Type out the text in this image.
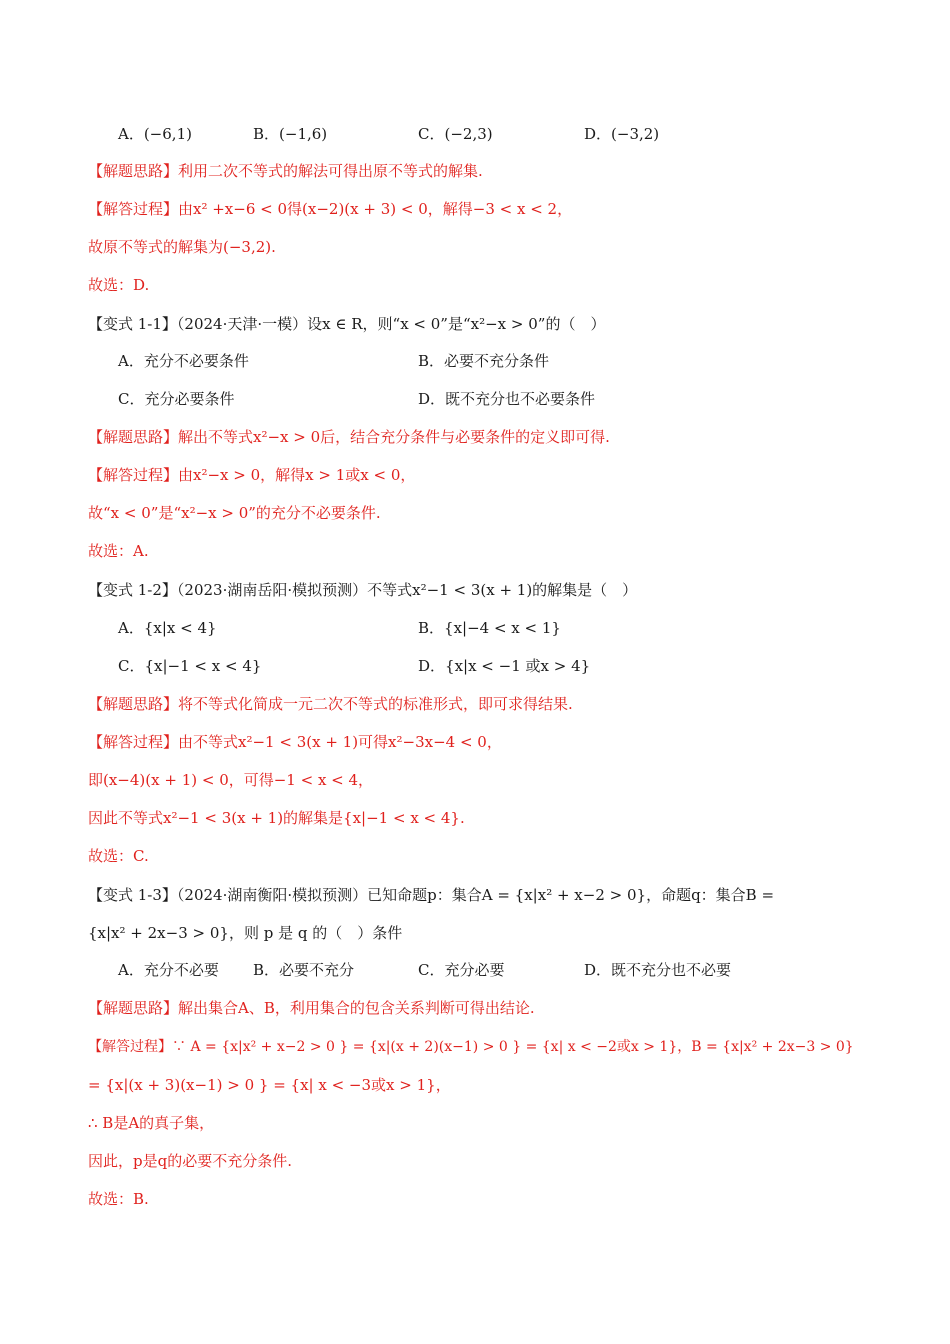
A．(−6,1)	B．(−1,6)	C．(−2,3)	D．(−3,2)
【解题思路】利用二次不等式的解法可得出原不等式的解集.
【解答过程】由x² +x−6 < 0得(x−2)(x + 3) < 0，解得−3 < x < 2，
故原不等式的解集为(−3,2).
故选：D.
【变式 1-1】（2024·天津·一模）设x ∈ R，则“x < 0”是“x²−x > 0”的（　）
A．充分不必要条件	B．必要不充分条件
C．充分必要条件	D．既不充分也不必要条件
【解题思路】解出不等式x²−x > 0后，结合充分条件与必要条件的定义即可得.
【解答过程】由x²−x > 0，解得x > 1或x < 0，
故“x < 0”是“x²−x > 0”的充分不必要条件.
故选：A.
【变式 1-2】（2023·湖南岳阳·模拟预测）不等式x²−1 < 3(x + 1)的解集是（　）
A．{x|x < 4}	B．{x|−4 < x < 1}
C．{x|−1 < x < 4}	D．{x|x < −1 或x > 4}
【解题思路】将不等式化简成一元二次不等式的标准形式，即可求得结果.
【解答过程】由不等式x²−1 < 3(x + 1)可得x²−3x−4 < 0，
即(x−4)(x + 1) < 0，可得−1 < x < 4，
因此不等式x²−1 < 3(x + 1)的解集是{x|−1 < x < 4}.
故选：C.
【变式 1-3】（2024·湖南衡阳·模拟预测）已知命题p：集合A = {x|x² + x−2 > 0}，命题q：集合B =
{x|x² + 2x−3 > 0}，则 p 是 q 的（　）条件
A．充分不必要 B．必要不充分	C．充分必要	D．既不充分也不必要
【解题思路】解出集合A、B，利用集合的包含关系判断可得出结论.
【解答过程】∵ A = {x|x² + x−2 > 0 } = {x|(x + 2)(x−1) > 0 } = {x| x < −2或x > 1}，B = {x|x² + 2x−3 > 0}
= {x|(x + 3)(x−1) > 0 } = {x| x < −3或x > 1}，
∴ B是A的真子集，
因此，p是q的必要不充分条件.
故选：B.
